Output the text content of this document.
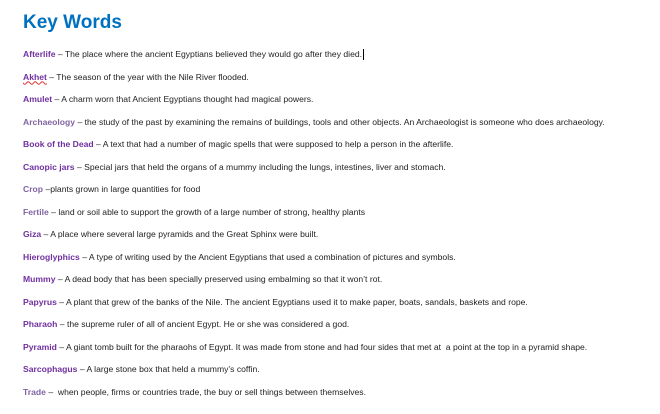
Key Words
Afterlife – The place where the ancient Egyptians believed they would go after they died.
Akhet – The season of the year with the Nile River flooded.
Amulet – A charm worn that Ancient Egyptians thought had magical powers.
Archaeology – the study of the past by examining the remains of buildings, tools and other objects. An Archaeologist is someone who does archaeology.
Book of the Dead – A text that had a number of magic spells that were supposed to help a person in the afterlife.
Canopic jars – Special jars that held the organs of a mummy including the lungs, intestines, liver and stomach.
Crop –plants grown in large quantities for food
Fertile – land or soil able to support the growth of a large number of strong, healthy plants
Giza – A place where several large pyramids and the Great Sphinx were built.
Hieroglyphics – A type of writing used by the Ancient Egyptians that used a combination of pictures and symbols.
Mummy – A dead body that has been specially preserved using embalming so that it won’t rot.
Papyrus – A plant that grew of the banks of the Nile. The ancient Egyptians used it to make paper, boats, sandals, baskets and rope.
Pharaoh – the supreme ruler of all of ancient Egypt. He or she was considered a god.
Pyramid – A giant tomb built for the pharaohs of Egypt. It was made from stone and had four sides that met at  a point at the top in a pyramid shape.
Sarcophagus – A large stone box that held a mummy’s coffin.
Trade –  when people, firms or countries trade, the buy or sell things between themselves.
